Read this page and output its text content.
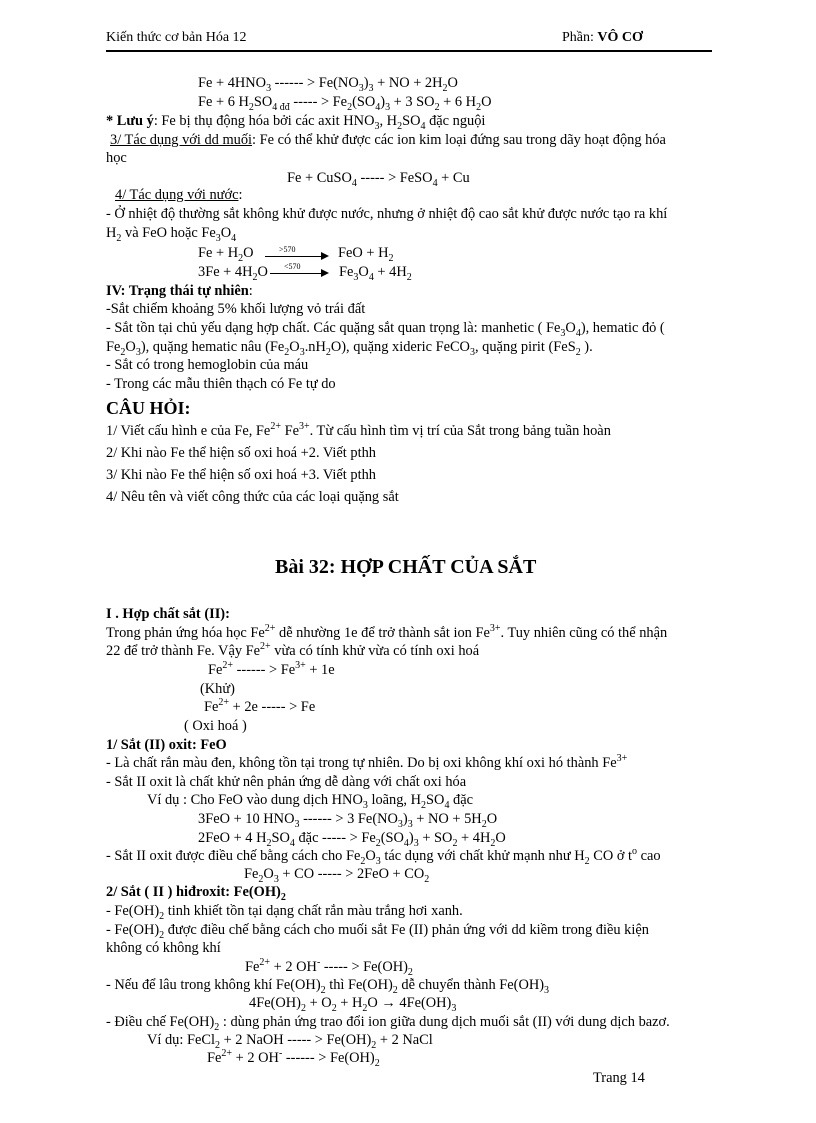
Kiến thức cơ bản Hóa 12	Phần: VÔ CƠ
$Fe + 4HNO_3$ ------ > $Fe(NO_3)_3$ + NO + $2H_2O$
Fe + 6 $H_2SO_{4 đđ}$ ----- > $Fe_2(SO_4)_3 + 3$ $SO_2 + 6$ $H_2O$
* Lưu ý: Fe bị thụ động hóa bởi các axit $HNO_3$, $H_2SO_4$ đặc nguội
3/ Tác dụng với dd muối: Fe có thể khử được các ion kim loại đứng sau trong dãy hoạt động hóa
học
Fe + CuSO$_4$ ----- > FeSO$_4$ + Cu
4/ Tác dụng với nước:
- Ở nhiệt độ thường sắt không khử được nước, nhưng ở nhiệt độ cao sắt khử được nước tạo ra khí
$H_2$ và FeO hoặc $Fe_3O_4$
$Fe + H_2O$	>570	FeO + $H_2$
$3Fe + 4H_2O <570$	$Fe_3O_4 + 4H_2$
IV: Trạng thái tự nhiên:
-Sắt chiếm khoảng 5% khối lượng vỏ trái đất
- Sắt tồn tại chủ yếu dạng hợp chất. Các quặng sắt quan trọng là: manhetic ( $Fe_3O_4$), hematic đỏ (
$Fe_2O_3$), quặng hematic nâu $(Fe_2O_3.nH_2O)$, quặng xideric FeCO$_3$, quặng pirit (FeS$_2$ ).
- Sắt có trong hemoglobin của máu
- Trong các mẫu thiên thạch có Fe tự do
CÂU HỎI:
1/ Viết cấu hình e của Fe, $Fe^{2+}$ $Fe^{3+}$. Từ cấu hình tìm vị trí của Sắt trong bảng tuần hoàn
2/ Khi nào Fe thể hiện số oxi hoá +2. Viết pthh
3/ Khi nào Fe thể hiện số oxi hoá +3. Viết pthh
4/ Nêu tên và viết công thức của các loại quặng sắt
Bài 32: HỢP CHẤT CỦA SẮT
I . Hợp chất sắt (II):
Trong phản ứng hóa học $Fe^{2+}$ dễ nhường 1e để trở thành sắt ion $Fe^{3+}$. Tuy nhiên cũng có thể nhận
22 để trở thành Fe. Vậy $Fe^{2+}$ vừa có tính khử vừa có tính oxi hoá
$Fe^{2+}$ ------ > $Fe^{3+} + 1e$
(Khử)
$Fe^{2+} + 2e$ ----- > Fe
( Oxi hoá )
1/ Sắt (II) oxit: FeO
- Là chất rắn màu đen, không tồn tại trong tự nhiên. Do bị oxi không khí oxi hó thành $Fe^{3+}$
- Sắt II oxit là chất khử nên phản ứng dễ dàng với chất oxi hóa
Ví dụ : Cho FeO vào dung dịch $HNO_3$ loãng, $H_2SO_4$ đặc
3FeO + 10 $HNO_3$ ------ > 3 $Fe(NO_3)_3$ + NO + $5H_2O$
2FeO + 4 $H_2SO_4$ đặc ----- > $Fe_2(SO_4)_3 + SO_2 + 4H_2O$
- Sắt II oxit được điều chế bằng cách cho $Fe_2O_3$ tác dụng với chất khử mạnh như $H_2$ CO ở $t^o$ cao
$Fe_2O_3$ + CO ----- > $2FeO + CO_2$
2/ Sắt ( II ) hiđroxit: $Fe(OH)_2$
- $Fe(OH)_2$ tinh khiết tồn tại dạng chất rắn màu trắng hơi xanh.
- $Fe(OH)_2$ được điều chế bằng cách cho muối sắt Fe (II) phản ứng với dd kiềm trong điều kiện
không có không khí
$Fe^{2+} + 2$ OH- ----- > $Fe(OH)_2$
- Nếu để lâu trong không khí $Fe(OH)_2$ thì $Fe(OH)_2$ dễ chuyển thành $Fe(OH)_3$
$4Fe(OH)_2 + O_2 + H_2O \to 4Fe(OH)_3$
- Điều chế $Fe(OH)_2$ : dùng phản ứng trao đổi ion giữa dung dịch muối sắt (II) với dung dịch bazơ.
Ví dụ: FeCl$_2$ + 2 NaOH ----- > $Fe(OH)_2 + 2$ NaCl
$Fe^{2+} + 2$ OH- ------ > $Fe(OH)_2$
Trang 14
